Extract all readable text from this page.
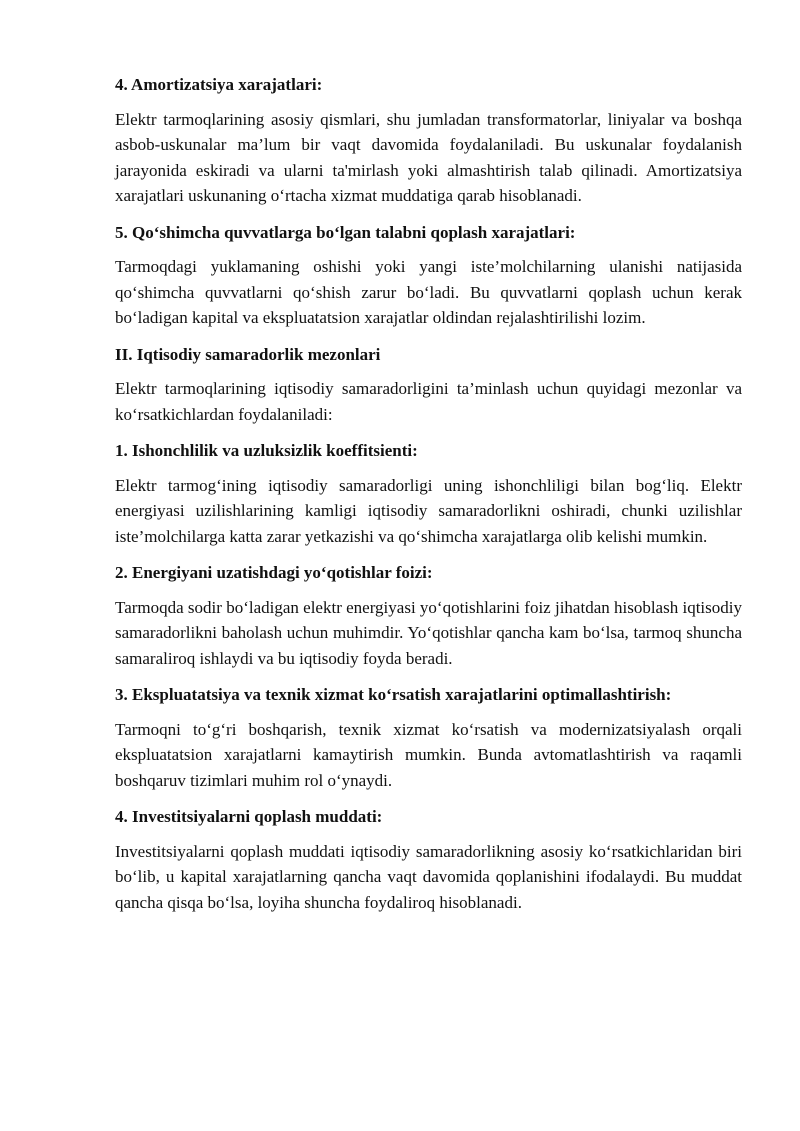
4. Amortizatsiya xarajatlari:
Elektr tarmoqlarining asosiy qismlari, shu jumladan transformatorlar, liniyalar va boshqa asbob-uskunalar ma’lum bir vaqt davomida foydalaniladi. Bu uskunalar foydalanish jarayonida eskiradi va ularni ta'mirlash yoki almashtirish talab qilinadi. Amortizatsiya xarajatlari uskunaning o‘rtacha xizmat muddatiga qarab hisoblanadi.
5. Qo‘shimcha quvvatlarga bo‘lgan talabni qoplash xarajatlari:
Tarmoqdagi yuklamaning oshishi yoki yangi iste’molchilarning ulanishi natijasida qo‘shimcha quvvatlarni qo‘shish zarur bo‘ladi. Bu quvvatlarni qoplash uchun kerak bo‘ladigan kapital va ekspluatatsion xarajatlar oldindan rejalashtirilishi lozim.
II. Iqtisodiy samaradorlik mezonlari
Elektr tarmoqlarining iqtisodiy samaradorligini ta’minlash uchun quyidagi mezonlar va ko‘rsatkichlardan foydalaniladi:
1. Ishonchlilik va uzluksizlik koeffitsienti:
Elektr tarmog‘ining iqtisodiy samaradorligi uning ishonchliligi bilan bog‘liq. Elektr energiyasi uzilishlarining kamligi iqtisodiy samaradorlikni oshiradi, chunki uzilishlar iste’molchilarga katta zarar yetkazishi va qo‘shimcha xarajatlarga olib kelishi mumkin.
2. Energiyani uzatishdagi yo‘qotishlar foizi:
Tarmoqda sodir bo‘ladigan elektr energiyasi yo‘qotishlarini foiz jihatdan hisoblash iqtisodiy samaradorlikni baholash uchun muhimdir. Yo‘qotishlar qancha kam bo‘lsa, tarmoq shuncha samaraliroq ishlaydi va bu iqtisodiy foyda beradi.
3. Ekspluatatsiya va texnik xizmat ko‘rsatish xarajatlarini optimallashtirish:
Tarmoqni to‘g‘ri boshqarish, texnik xizmat ko‘rsatish va modernizatsiyalash orqali ekspluatatsion xarajatlarni kamaytirish mumkin. Bunda avtomatlashtirish va raqamli boshqaruv tizimlari muhim rol o‘ynaydi.
4. Investitsiyalarni qoplash muddati:
Investitsiyalarni qoplash muddati iqtisodiy samaradorlikning asosiy ko‘rsatkichlaridan biri bo‘lib, u kapital xarajatlarning qancha vaqt davomida qoplanishini ifodalaydi. Bu muddat qancha qisqa bo‘lsa, loyiha shuncha foydaliroq hisoblanadi.
